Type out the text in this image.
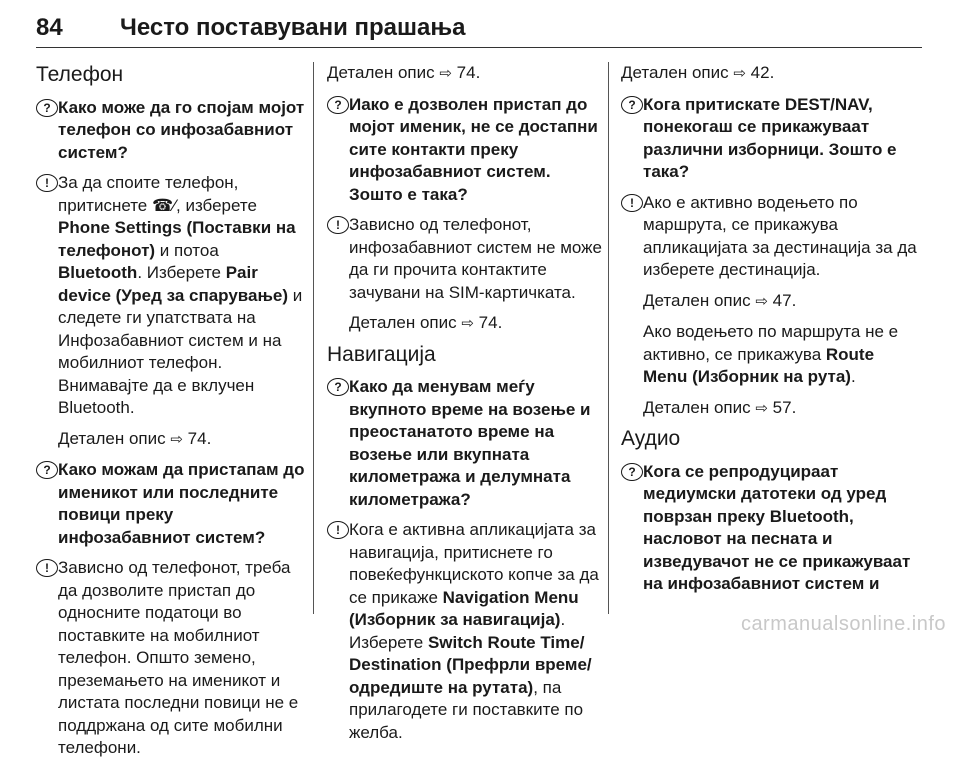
84 Често поставувани прашања
Телефон
? Како може да го спојам мојот телефон со инфозабавниот систем?
! За да споите телефон, притиснете ☎⁄, изберете Phone Settings (Поставки на телефонот) и потоа Bluetooth. Изберете Pair device (Уред за спарување) и следете ги упатствата на Инфозабавниот систем и на мобилниот телефон. Внимавајте да е вклучен Bluetooth.

Детален опис ⇨ 74.

? Како можам да пристапам до именикот или последните повици преку инфозабавниот систем?
! Зависно од телефонот, треба да дозволите пристап до односните податоци во поставките на мобилниот телефон. Општо земено, преземањето на именикот и листата последни повици не е поддржана од сите мобилни телефони.

Детален опис ⇨ 74.

? Иако е дозволен пристап до мојот именик, не се достапни сите контакти преку инфозабавниот систем. Зошто е така?
! Зависно од телефонот, инфозабавниот систем не може да ги прочита контактите зачувани на SIM-картичката.

Детален опис ⇨ 74.

Навигација
? Како да менувам меѓу вкупното време на возење и преостанатото време на возење или вкупната километража и делумната километража?
! Кога е активна апликацијата за навигација, притиснете го повеќефункциското копче за да се прикаже Navigation Menu (Изборник за навигација). Изберете Switch Route Time/ Destination (Префрли време/ одредиште на рутата), па прилагодете ги поставките по желба.

Детален опис ⇨ 42.

? Кога притискате DEST/NAV, понекогаш се прикажуваат различни изборници. Зошто е така?
! Ако е активно водењето по маршрута, се прикажува апликацијата за дестинација за да изберете дестинација.

Детален опис ⇨ 47.

Ако водењето по маршрута не е активно, се прикажува Route Menu (Изборник на рута).

Детален опис ⇨ 57.

Аудио
? Кога се репродуцираат медиумски датотеки од уред поврзан преку Bluetooth, насловот на песната и изведувачот не се прикажуваат на инфозабавниот систем и
carmanualsonline.info
